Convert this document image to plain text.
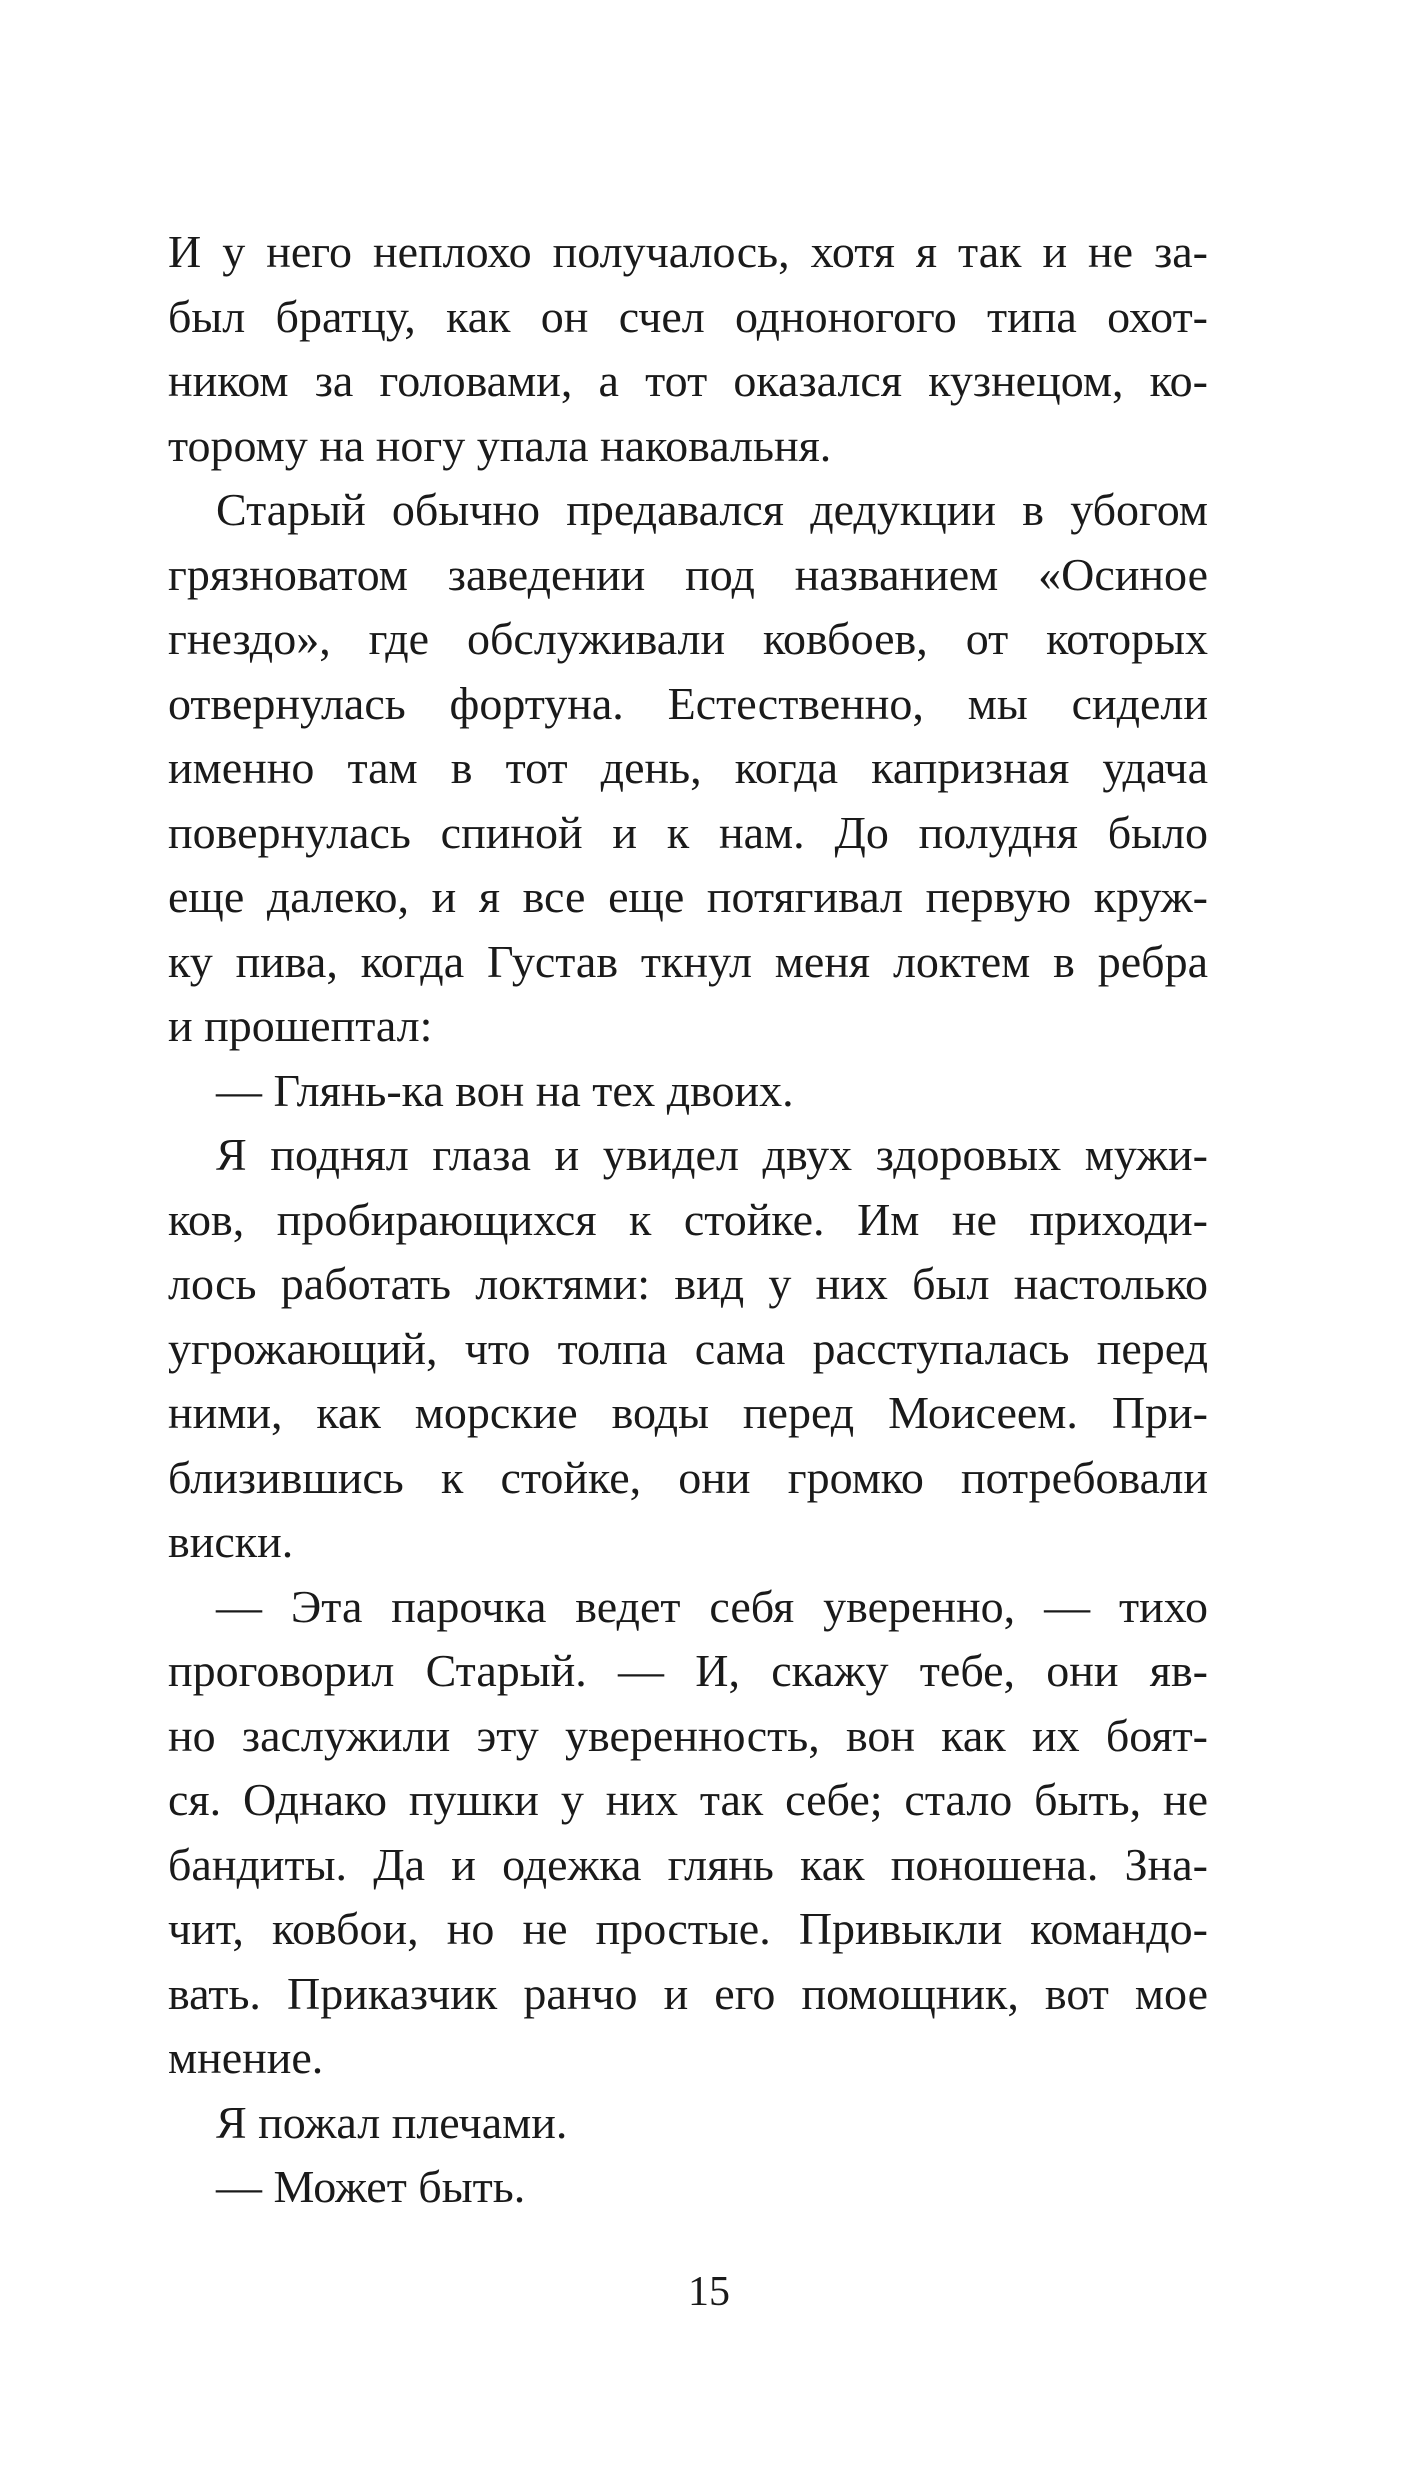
И у него неплохо получалось, хотя я так и не за-
был братцу, как он счел одноногого типа охот-
ником за головами, а тот оказался кузнецом, ко-
торому на ногу упала наковальня.
Старый обычно предавался дедукции в убогом
грязноватом заведении под названием «Осиное
гнездо», где обслуживали ковбоев, от которых
отвернулась фортуна. Естественно, мы сидели
именно там в тот день, когда капризная удача
повернулась спиной и к нам. До полудня было
еще далеко, и я все еще потягивал первую круж-
ку пива, когда Густав ткнул меня локтем в ребра
и прошептал:
— Глянь-ка вон на тех двоих.
Я поднял глаза и увидел двух здоровых мужи-
ков, пробирающихся к стойке. Им не приходи-
лось работать локтями: вид у них был настолько
угрожающий, что толпа сама расступалась перед
ними, как морские воды перед Моисеем. При-
близившись к стойке, они громко потребовали
виски.
— Эта парочка ведет себя уверенно, — тихо
проговорил Старый. — И, скажу тебе, они яв-
но заслужили эту уверенность, вон как их боят-
ся. Однако пушки у них так себе; стало быть, не
бандиты. Да и одежка глянь как поношена. Зна-
чит, ковбои, но не простые. Привыкли командо-
вать. Приказчик ранчо и его помощник, вот мое
мнение.
Я пожал плечами.
— Может быть.
15
